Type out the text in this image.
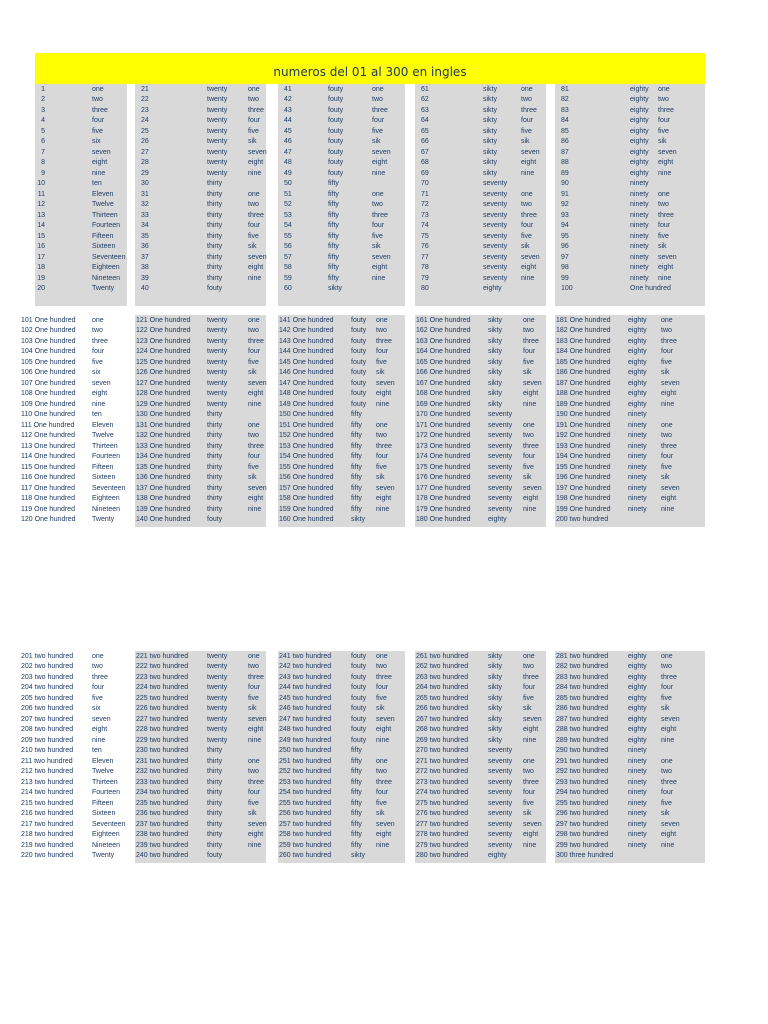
numeros del 01 al 300 en ingles
1	one
2	two
3	three
4	four
5	five
6	six
7	seven
8	eight
9	nine
10	ten
11	Eleven
12	Twelve
13	Thirteen
14	Fourteen
15	Fifteen
16	Sixteen
17	Seventeen
18	Eighteen
19	Nineteen
20	Twenty
21	twenty	one
22	twenty	two
23	twenty	three
24	twenty	four
25	twenty	five
26	twenty	sik
27	twenty	seven
28	twenty	eight
29	twenty	nine
30	thirty
31	thirty	one
32	thirty	two
33	thirty	three
34	thirty	four
35	thirty	five
36	thirty	sik
37	thirty	seven
38	thirty	eight
39	thirty	nine
40	fouty
41	fouty	one
42	fouty	two
43	fouty	three
44	fouty	four
45	fouty	five
46	fouty	sik
47	fouty	seven
48	fouty	eight
49	fouty	nine
50	fifty
51	fifty	one
52	fifty	two
53	fifty	three
54	fifty	four
55	fifty	five
56	fifty	sik
57	fifty	seven
58	fifty	eight
59	fifty	nine
60	sikty
61	sikty	one
62	sikty	two
63	sikty	three
64	sikty	four
65	sikty	five
66	sikty	sik
67	sikty	seven
68	sikty	eight
69	sikty	nine
70	seventy
71	seventy one
72	seventy two
73	seventy three
74	seventy four
75	seventy five
76	seventy sik
77	seventy seven
78	seventy eight
79	seventy nine
80	eighty
81	eighty one
82	eighty two
83	eighty three
84	eighty four
85	eighty five
86	eighty sik
87	eighty seven
88	eighty eight
89	eighty nine
90	ninety
91	ninety one
92	ninety two
93	ninety three
94	ninety four
95	ninety five
96	ninety sik
97	ninety seven
98	ninety eight
99	ninety nine
100	One hundred
101 One hundred one
102 One hundred two
103 One hundred three
104 One hundred four
105 One hundred five
106 One hundred six
107 One hundred seven
108 One hundred eight
109 One hundred nine
110 One hundred ten
111 One hundred	Eleven
112 One hundred Twelve
113 One hundred Thirteen
114 One hundred Fourteen
115 One hundred Fifteen
116 One hundred Sixteen
117 One hundred Seventeen
118 One hundred Eighteen
119 One hundred Nineteen
120 One hundred Twenty
121 One hundred twenty	one
122 One hundred twenty	two
123 One hundred twenty	three
124 One hundred twenty	four
125 One hundred twenty	five
126 One hundred twenty	sik
127 One hundred twenty	seven
128 One hundred twenty	eight
129 One hundred twenty	nine
130 One hundred thirty
131 One hundred thirty	one
132 One hundred thirty	two
133 One hundred thirty	three
134 One hundred thirty	four
135 One hundred thirty	five
136 One hundred thirty	sik
137 One hundred thirty	seven
138 One hundred thirty	eight
139 One hundred thirty	nine
140 One hundred fouty
141 One hundred	fouty one
142 One hundred	fouty two
143 One hundred	fouty three
144 One hundred	fouty four
145 One hundred	fouty five
146 One hundred	fouty sik
147 One hundred	fouty seven
148 One hundred	fouty eight
149 One hundred	fouty nine
150 One hundred	fifty
151 One hundred	fifty one
152 One hundred	fifty two
153 One hundred	fifty three
154 One hundred	fifty four
155 One hundred	fifty five
156 One hundred	fifty sik
157 One hundred	fifty seven
158 One hundred	fifty eight
159 One hundred	fifty nine
160 One hundred	sikty
161 One hundred	sikty	one
162 One hundred	sikty	two
163 One hundred	sikty	three
164 One hundred	sikty	four
165 One hundred	sikty	five
166 One hundred	sikty	sik
167 One hundred	sikty	seven
168 One hundred	sikty	eight
169 One hundred	sikty	nine
170 One hundred	seventy
171 One hundred	seventy one
172 One hundred	seventy two
173 One hundred	seventy three
174 One hundred	seventy four
175 One hundred	seventy five
176 One hundred	seventy sik
177 One hundred	seventy seven
178 One hundred	seventy eight
179 One hundred	seventy nine
180 One hundred	eighty
181 One hundred	eighty one
182 One hundred	eighty two
183 One hundred	eighty three
184 One hundred	eighty four
185 One hundred	eighty five
186 One hundred	eighty sik
187 One hundred	eighty seven
188 One hundred	eighty eight
189 One hundred	eighty nine
190 One hundred	ninety
191 One hundred	ninety one
192 One hundred	ninety two
193 One hundred	ninety three
194 One hundred	ninety four
195 One hundred	ninety five
196 One hundred	ninety sik
197 One hundred	ninety seven
198 One hundred	ninety eight
199 One hundred	ninety nine
200 two hundred
201 two hundred	one
202 two hundred	two
203 two hundred	three
204 two hundred	four
205 two hundred	five
206 two hundred	six
207 two hundred	seven
208 two hundred	eight
209 two hundred	nine
210 two hundred	ten
211 two hundred	Eleven
212 two hundred	Twelve
213 two hundred	Thirteen
214 two hundred	Fourteen
215 two hundred	Fifteen
216 two hundred	Sixteen
217 two hundred	Seventeen
218 two hundred	Eighteen
219 two hundred	Nineteen
220 two hundred	Twenty
221 two hundred	twenty	one
222 two hundred	twenty	two
223 two hundred	twenty	three
224 two hundred	twenty	four
225 two hundred	twenty	five
226 two hundred	twenty	sik
227 two hundred	twenty	seven
228 two hundred	twenty	eight
229 two hundred	twenty	nine
230 two hundred	thirty
231 two hundred	thirty	one
232 two hundred	thirty	two
233 two hundred	thirty	three
234 two hundred	thirty	four
235 two hundred	thirty	five
236 two hundred	thirty	sik
237 two hundred	thirty	seven
238 two hundred	thirty	eight
239 two hundred	thirty	nine
240 two hundred	fouty
241 two hundred	fouty one
242 two hundred	fouty two
243 two hundred	fouty three
244 two hundred	fouty four
245 two hundred	fouty five
246 two hundred	fouty sik
247 two hundred	fouty seven
248 two hundred	fouty eight
249 two hundred	fouty nine
250 two hundred	fifty
251 two hundred	fifty one
252 two hundred	fifty two
253 two hundred	fifty three
254 two hundred	fifty four
255 two hundred	fifty five
256 two hundred	fifty sik
257 two hundred	fifty seven
258 two hundred	fifty eight
259 two hundred	fifty nine
260 two hundred	sikty
261 two hundred	sikty	one
262 two hundred	sikty	two
263 two hundred	sikty	three
264 two hundred	sikty	four
265 two hundred	sikty	five
266 two hundred	sikty	sik
267 two hundred	sikty	seven
268 two hundred	sikty	eight
269 two hundred	sikty	nine
270 two hundred	seventy
271 two hundred	seventy one
272 two hundred	seventy two
273 two hundred	seventy three
274 two hundred	seventy four
275 two hundred	seventy five
276 two hundred	seventy sik
277 two hundred	seventy seven
278 two hundred	seventy eight
279 two hundred	seventy nine
280 two hundred	eighty
281 two hundred	eighty one
282 two hundred	eighty two
283 two hundred	eighty three
284 two hundred	eighty four
285 two hundred	eighty five
286 two hundred	eighty sik
287 two hundred	eighty seven
288 two hundred	eighty eight
289 two hundred	eighty nine
290 two hundred	ninety
291 two hundred	ninety one
292 two hundred	ninety two
293 two hundred	ninety three
294 two hundred	ninety four
295 two hundred	ninety five
296 two hundred	ninety sik
297 two hundred	ninety seven
298 two hundred	ninety eight
299 two hundred	ninety nine
300 three hundred
